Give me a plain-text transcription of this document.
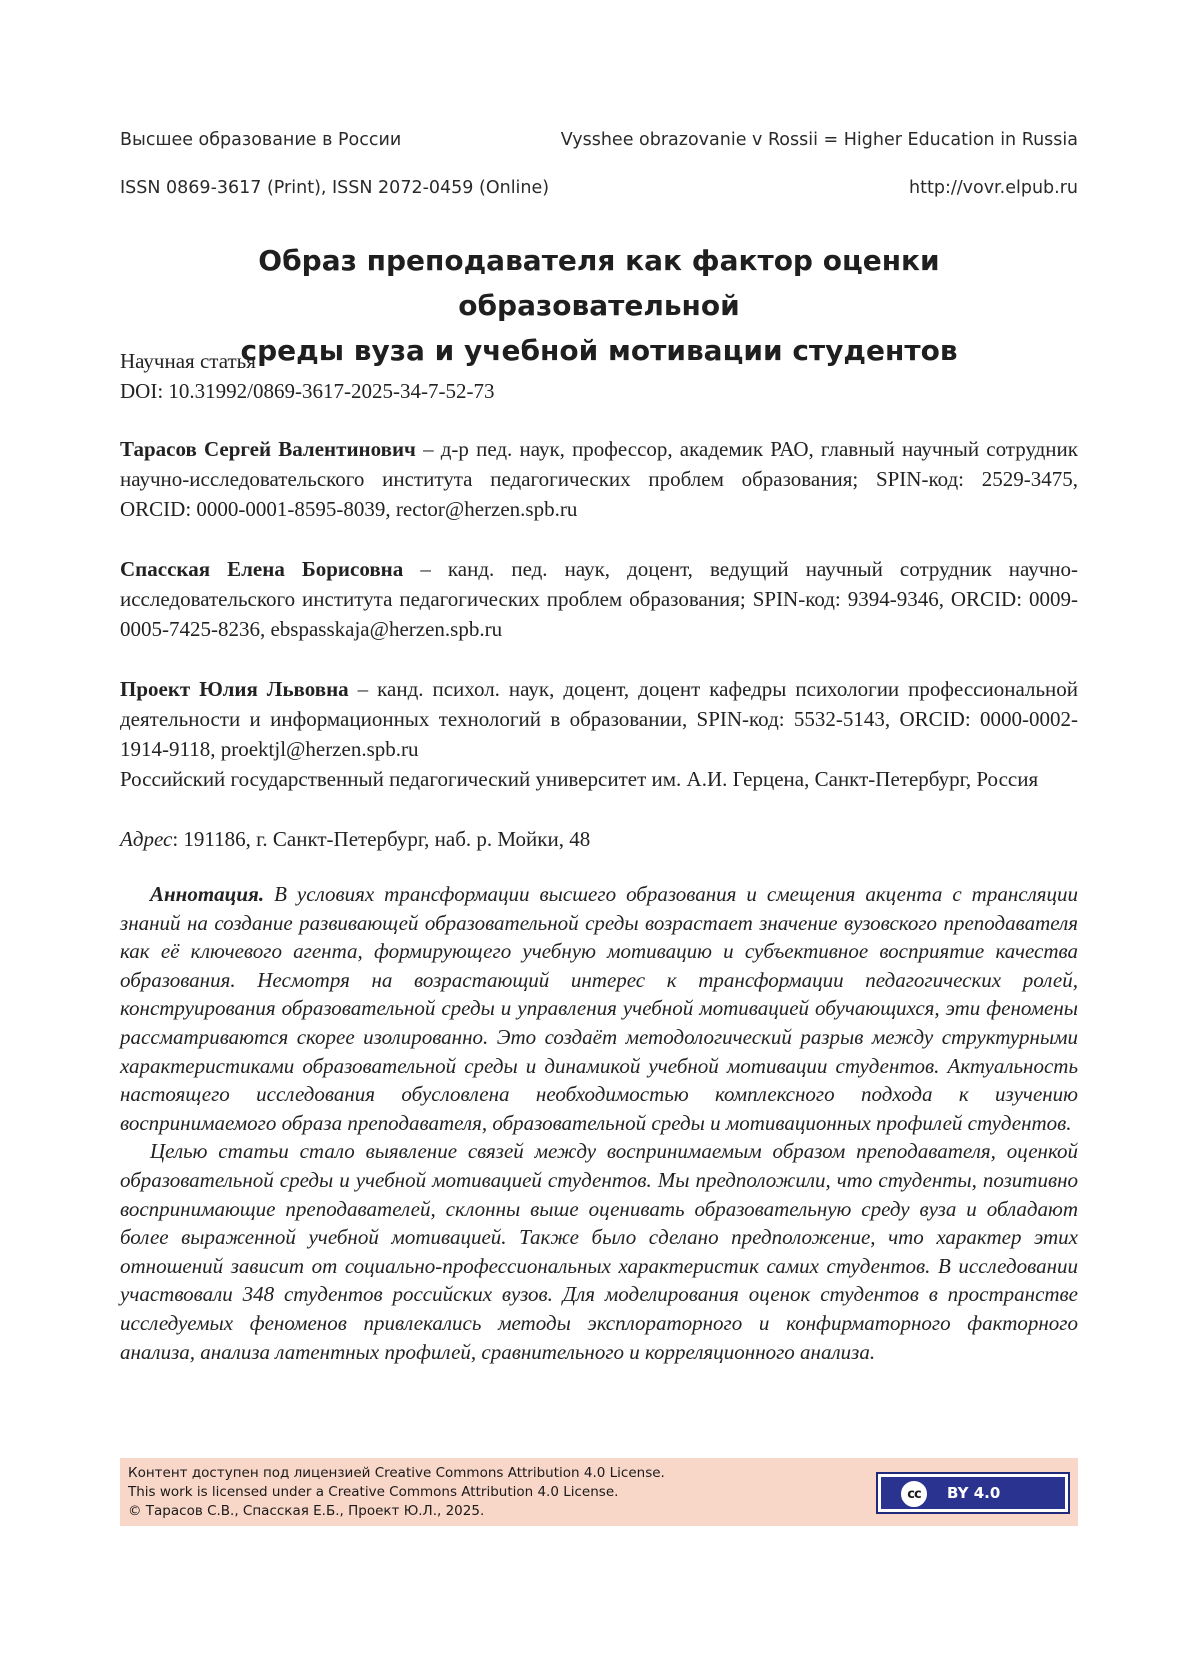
Высшее образование в России	Vysshee obrazovanie v Rossii = Higher Education in Russia
ISSN 0869-3617 (Print), ISSN 2072-0459 (Online)	http://vovr.elpub.ru
Образ преподавателя как фактор оценки образовательной
среды вуза и учебной мотивации студентов
Научная статья
DOI: 10.31992/0869-3617-2025-34-7-52-73

Тарасов Сергей Валентинович – д-р пед. наук, профессор, академик РАО, главный научный сотрудник научно-исследовательского института педагогических проблем образования; SPIN-код: 2529-3475, ORCID: 0000-0001-8595-8039, rector@herzen.spb.ru

Спасская Елена Борисовна – канд. пед. наук, доцент, ведущий научный сотрудник научно-исследовательского института педагогических проблем образования; SPIN-код: 9394-9346, ORCID: 0009-0005-7425-8236, ebspasskaja@herzen.spb.ru

Проект Юлия Львовна – канд. психол. наук, доцент, доцент кафедры психологии профессиональной деятельности и информационных технологий в образовании, SPIN-код: 5532-5143, ORCID: 0000-0002-1914-9118, proektjl@herzen.spb.ru

Российский государственный педагогический университет им. А.И. Герцена, Санкт-Петербург, Россия

Адрес: 191186, г. Санкт-Петербург, наб. р. Мойки, 48

Аннотация. В условиях трансформации высшего образования и смещения акцента с трансляции знаний на создание развивающей образовательной среды возрастает значение вузовского преподавателя как её ключевого агента, формирующего учебную мотивацию и субъективное восприятие качества образования. Несмотря на возрастающий интерес к трансформации педагогических ролей, конструирования образовательной среды и управления учебной мотивацией обучающихся, эти феномены рассматриваются скорее изолированно. Это создаёт методологический разрыв между структурными характеристиками образовательной среды и динамикой учебной мотивации студентов. Актуальность настоящего исследования обусловлена необходимостью комплексного подхода к изучению воспринимаемого образа преподавателя, образовательной среды и мотивационных профилей студентов.

Целью статьи стало выявление связей между воспринимаемым образом преподавателя, оценкой образовательной среды и учебной мотивацией студентов. Мы предположили, что студенты, позитивно воспринимающие преподавателей, склонны выше оценивать образовательную среду вуза и обладают более выраженной учебной мотивацией. Также было сделано предположение, что характер этих отношений зависит от социально-профессиональных характеристик самих студентов. В исследовании участвовали 348 студентов российских вузов. Для моделирования оценок студентов в пространстве исследуемых феноменов привлекались методы эксплораторного и конфирматорного факторного анализа, анализа латентных профилей, сравнительного и корреляционного анализа.

Контент доступен под лицензией Creative Commons Attribution 4.0 License.
This work is licensed under a Creative Commons Attribution 4.0 License.
© Тарасов С.В., Спасская Е.Б., Проект Ю.Л., 2025.
cc	BY 4.0
